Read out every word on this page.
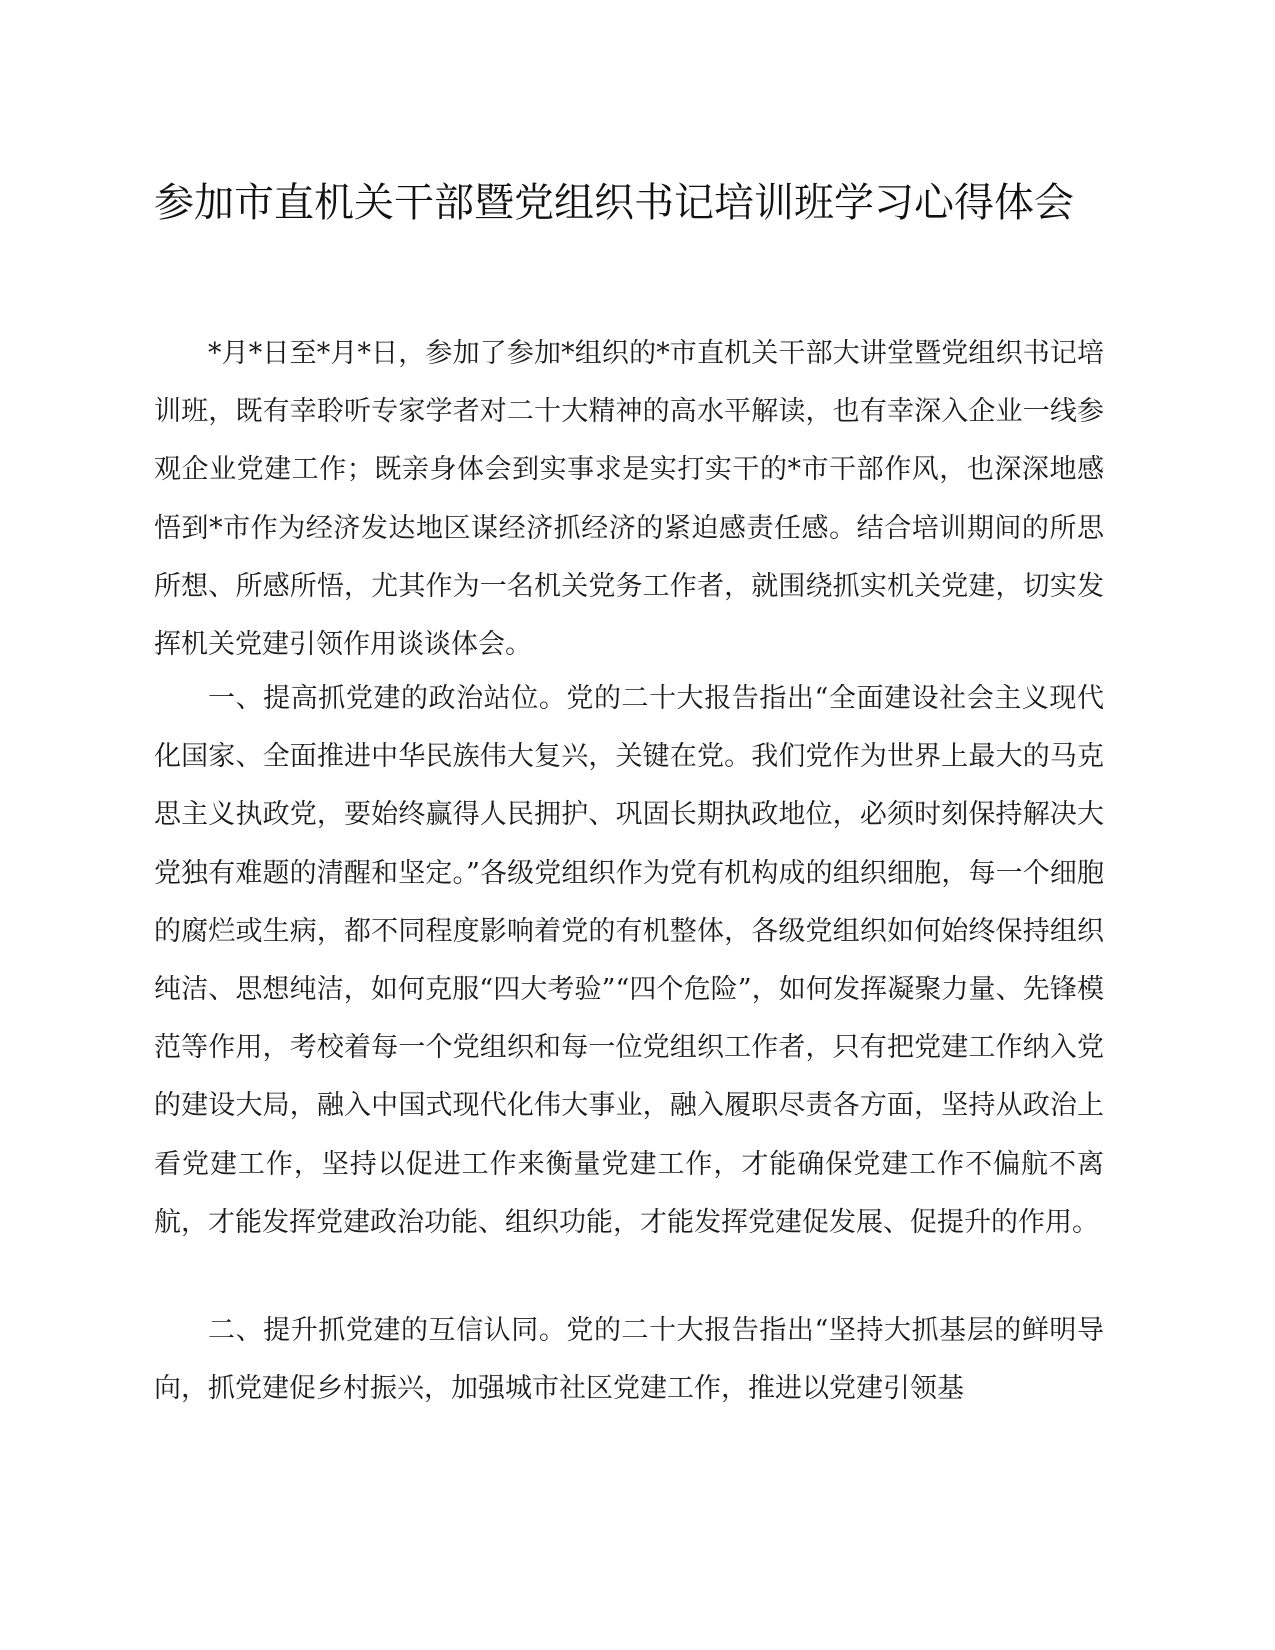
参加市直机关干部暨党组织书记培训班学习心得体会

*月*日至*月*日，参加了参加*组织的*市直机关干部大讲堂暨党组织书记培训班，既有幸聆听专家学者对二十大精神的高水平解读，也有幸深入企业一线参观企业党建工作；既亲身体会到实事求是实打实干的*市干部作风，也深深地感悟到*市作为经济发达地区谋经济抓经济的紧迫感责任感。结合培训期间的所思所想、所感所悟，尤其作为一名机关党务工作者，就围绕抓实机关党建，切实发挥机关党建引领作用谈谈体会。

一、提高抓党建的政治站位。党的二十大报告指出“全面建设社会主义现代化国家、全面推进中华民族伟大复兴，关键在党。我们党作为世界上最大的马克思主义执政党，要始终赢得人民拥护、巩固长期执政地位，必须时刻保持解决大党独有难题的清醒和坚定。”各级党组织作为党有机构成的组织细胞，每一个细胞的腐烂或生病，都不同程度影响着党的有机整体，各级党组织如何始终保持组织纯洁、思想纯洁，如何克服“四大考验”“四个危险”，如何发挥凝聚力量、先锋模范等作用，考校着每一个党组织和每一位党组织工作者，只有把党建工作纳入党的建设大局，融入中国式现代化伟大事业，融入履职尽责各方面，坚持从政治上看党建工作，坚持以促进工作来衡量党建工作，才能确保党建工作不偏航不离航，才能发挥党建政治功能、组织功能，才能发挥党建促发展、促提升的作用。

二、提升抓党建的互信认同。党的二十大报告指出“坚持大抓基层的鲜明导向，抓党建促乡村振兴，加强城市社区党建工作，推进以党建引领基
